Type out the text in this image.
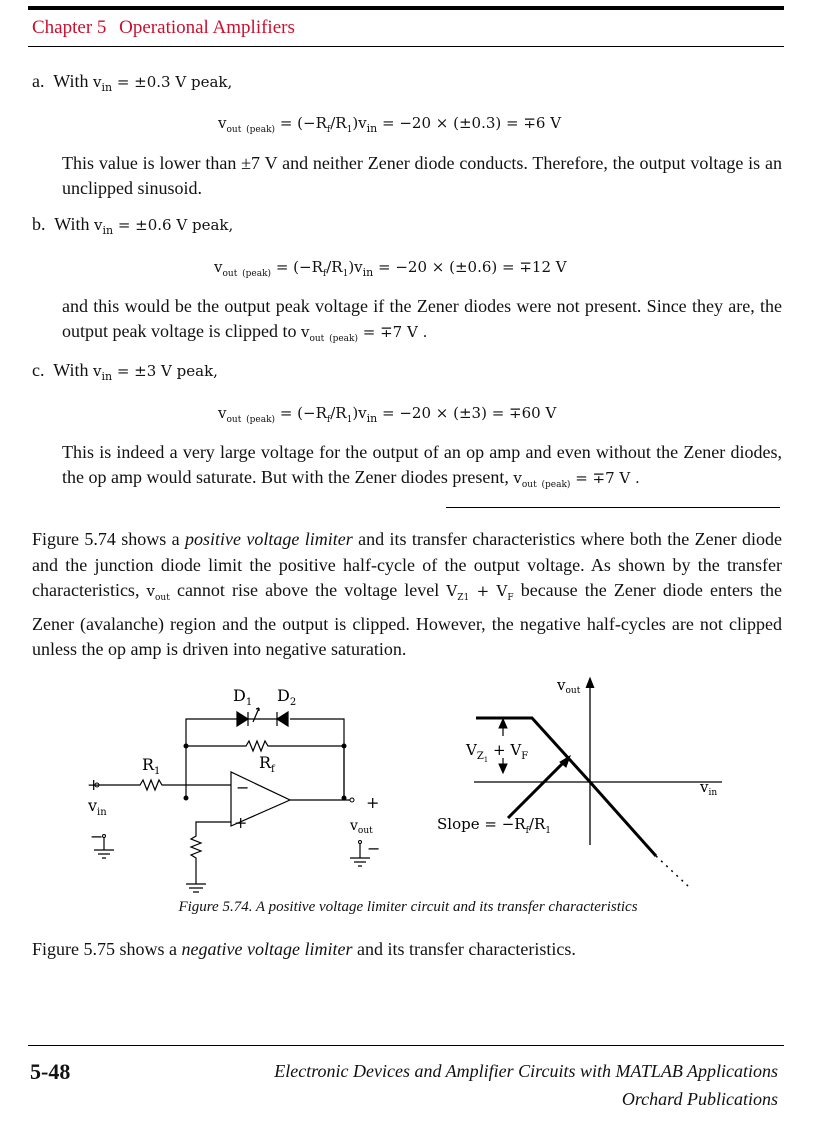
Chapter 5 Operational Amplifiers
a. With $v_{in} = \pm 0.3$ V peak,
$v_{out}$ $_{(peak)} = (-R_f/R_1)v_{in} = -20 \times (\pm 0.3) = \mp 6$ V
This value is lower than ±7 V and neither Zener diode conducts. Therefore, the output voltage is an unclipped sinusoid.
b. With $v_{in} = \pm 0.6$ V peak,
$v_{out}$ $_{(peak)} = (-R_f/R_1)v_{in} = -20 \times (\pm 0.6) = \mp 12$ V
and this would be the output peak voltage if the Zener diodes were not present. Since they are, the output peak voltage is clipped to $v_{out}$ $_{(peak)}$ = ∓7 V .
c. With $v_{in} = \pm 3$ V peak,
$v_{out}$ $_{(peak)} = (-R_f/R_1)v_{in} = -20 \times (\pm 3) = \mp 60$ V
This is indeed a very large voltage for the output of an op amp and even without the Zener diodes, the op amp would saturate. But with the Zener diodes present, $v_{out}$ $_{(peak)}$ = ∓7 V .
Figure 5.74 shows a positive voltage limiter and its transfer characteristics where both the Zener diode and the junction diode limit the positive half-cycle of the output voltage. As shown by the transfer characteristics, $v_{out}$ cannot rise above the voltage level $V_{Z1} + V_F$ because the Zener diode enters the Zener (avalanche) region and the output is clipped. However, the negative half-cycles are not clipped unless the op amp is driven into negative saturation.
$D_1$ $D_2$
$R_f$
$R_1$
+
$v_{in}$
−
−
+
+
vout
−
$v_{out}$
$v_{in}$
$V_{Z1} + V_F$
Slope = $-R_f/R_1$
Figure 5.74. A positive voltage limiter circuit and its transfer characteristics
Figure 5.75 shows a negative voltage limiter and its transfer characteristics.
5-48	Electronic Devices and Amplifier Circuits with MATLAB Applications
Orchard Publications
